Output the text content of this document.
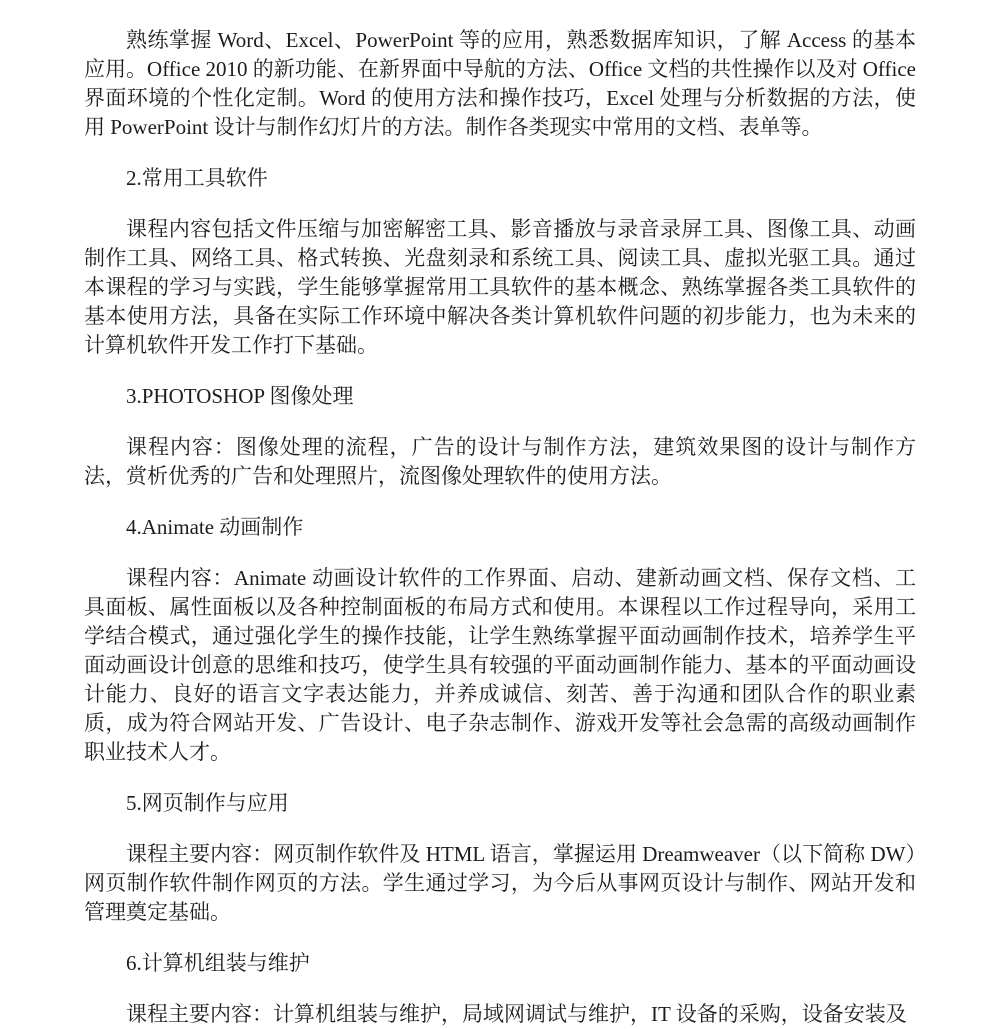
熟练掌握 Word、Excel、PowerPoint 等的应用，熟悉数据库知识，了解 Access 的基本应用。Office 2010 的新功能、在新界面中导航的方法、Office 文档的共性操作以及对 Office 界面环境的个性化定制。Word 的使用方法和操作技巧，Excel 处理与分析数据的方法，使用 PowerPoint 设计与制作幻灯片的方法。制作各类现实中常用的文档、表单等。

2.常用工具软件

课程内容包括文件压缩与加密解密工具、影音播放与录音录屏工具、图像工具、动画制作工具、网络工具、格式转换、光盘刻录和系统工具、阅读工具、虚拟光驱工具。通过本课程的学习与实践，学生能够掌握常用工具软件的基本概念、熟练掌握各类工具软件的基本使用方法，具备在实际工作环境中解决各类计算机软件问题的初步能力，也为未来的计算机软件开发工作打下基础。

3.PHOTOSHOP 图像处理

课程内容：图像处理的流程，广告的设计与制作方法，建筑效果图的设计与制作方法，赏析优秀的广告和处理照片，流图像处理软件的使用方法。

4.Animate 动画制作

课程内容：Animate 动画设计软件的工作界面、启动、建新动画文档、保存文档、工具面板、属性面板以及各种控制面板的布局方式和使用。本课程以工作过程导向，采用工学结合模式，通过强化学生的操作技能，让学生熟练掌握平面动画制作技术，培养学生平面动画设计创意的思维和技巧，使学生具有较强的平面动画制作能力、基本的平面动画设计能力、良好的语言文字表达能力，并养成诚信、刻苦、善于沟通和团队合作的职业素质，成为符合网站开发、广告设计、电子杂志制作、游戏开发等社会急需的高级动画制作职业技术人才。

5.网页制作与应用

课程主要内容：网页制作软件及 HTML 语言，掌握运用 Dreamweaver（以下简称 DW）网页制作软件制作网页的方法。学生通过学习，为今后从事网页设计与制作、网站开发和管理奠定基础。

6.计算机组装与维护

课程主要内容：计算机组装与维护，局域网调试与维护，IT 设备的采购，设备安装及
